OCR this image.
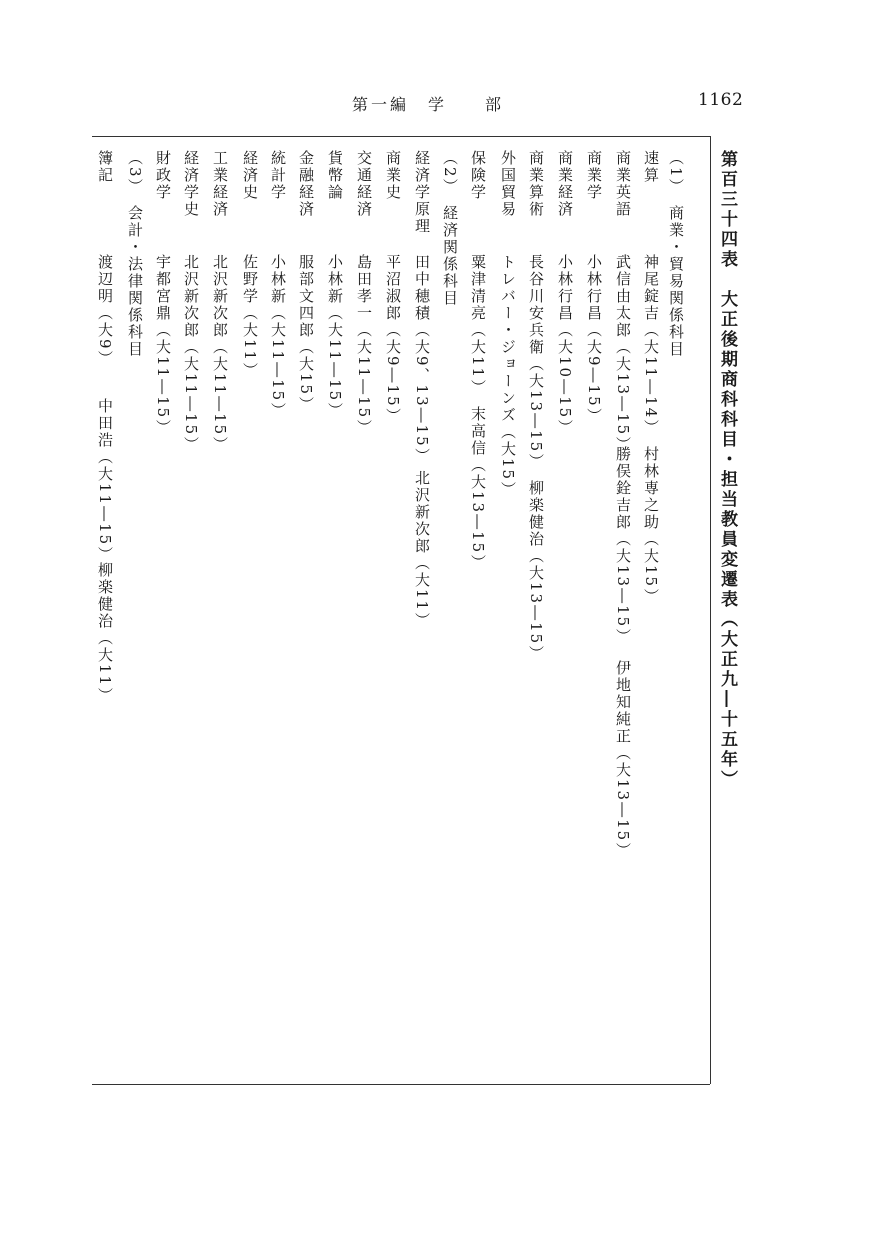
第一編　学　　部	1162
第百三十四表　大正後期商科科目・担当教員変遷表（大正九―十五年）
（1）　商業・貿易関係科目
速算
神尾錠吉（大11―14）
村林専之助（大15）
商業英語
武信由太郎（大13―15）
勝俣銓吉郎（大13―15）
伊地知純正（大13―15）
商業学
小林行昌（大9―15）
商業経済
小林行昌（大10―15）
商業算術
長谷川安兵衛（大13―15）
柳楽健治（大13―15）
外国貿易
トレバー・ジョーンズ（大15）
保険学
粟津清亮（大11）
末高信（大13―15）
（2）　経済関係科目
経済学原理
田中穂積（大9、13―15）
北沢新次郎（大11）
商業史
平沼淑郎（大9―15）
交通経済
島田孝一（大11―15）
貨幣論
小林新（大11―15）
金融経済
服部文四郎（大15）
統計学
小林新（大11―15）
経済史
佐野学（大11）
工業経済
北沢新次郎（大11―15）
経済学史
北沢新次郎（大11―15）
財政学
宇都宮鼎（大11―15）
（3）　会計・法律関係科目
簿記
渡辺明（大9）
中田浩（大11―15）
柳楽健治（大11）
